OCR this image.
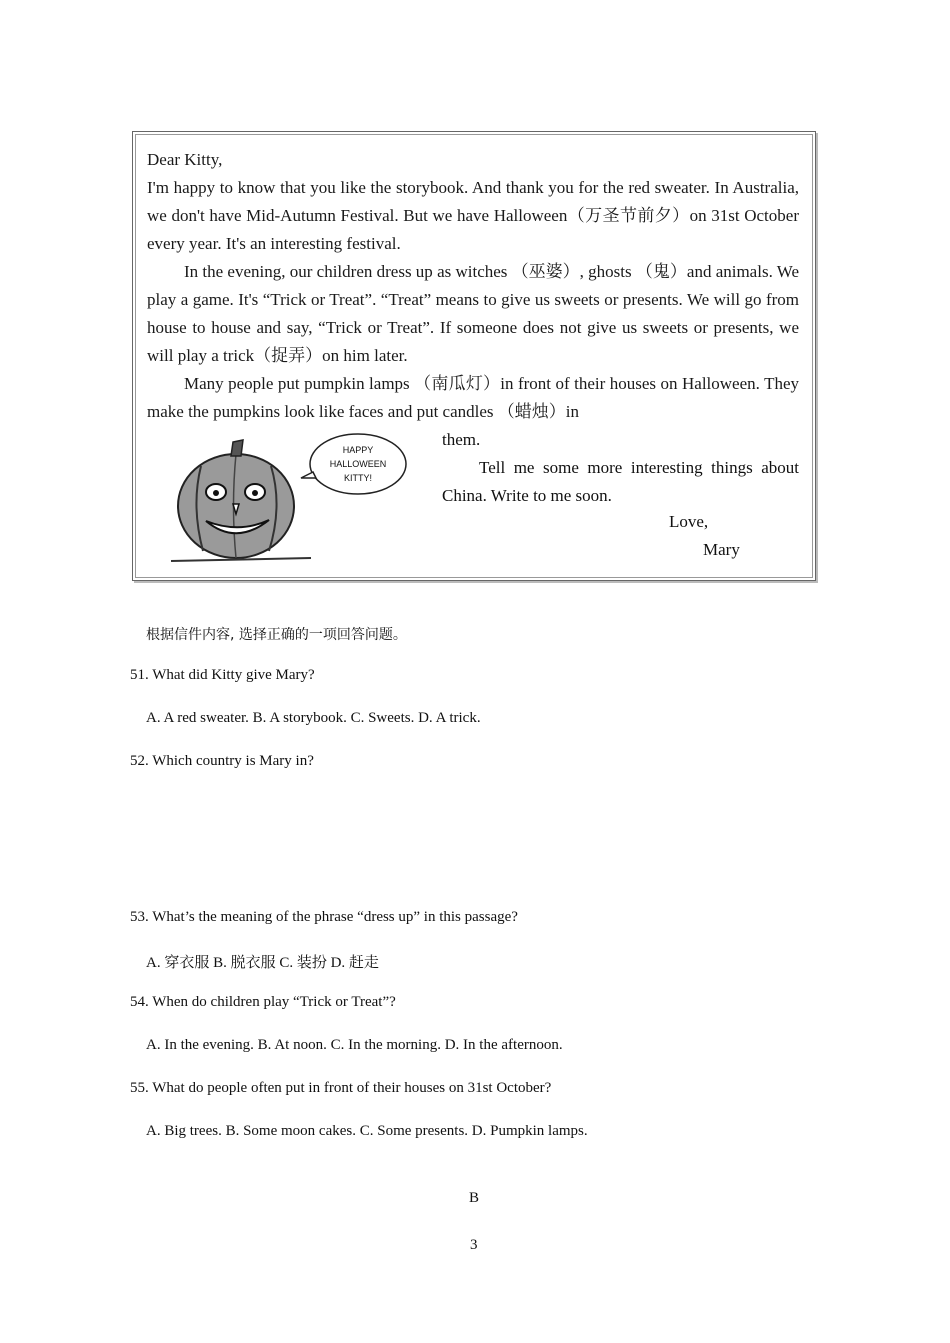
Dear Kitty,

I'm happy to know that you like the storybook. And thank you for the red sweater. In Australia, we don't have Mid-Autumn Festival. But we have Halloween（万圣节前夕）on 31st October every year. It's an interesting festival.

In the evening, our children dress up as witches （巫婆）, ghosts （鬼）and animals. We play a game. It's “Trick or Treat”. “Treat” means to give us sweets or presents. We will go from house to house and say, “Trick or Treat”. If someone does not give us sweets or presents, we will play a trick（捉弄）on him later.

Many people put pumpkin lamps （南瓜灯）in front of their houses on Halloween. They make the pumpkins look like faces and put candles （蜡烛）in

HAPPY
HALLOWEEN
KITTY!

them.

Tell me some more interesting things about China. Write to me soon.

Love,
Mary
根据信件内容, 选择正确的一项回答问题。
51. What did Kitty give Mary?
A. A red sweater. B. A storybook. C. Sweets. D. A trick.
52. Which country is Mary in?
53. What’s the meaning of the phrase “dress up” in this passage?
A. 穿衣服 B. 脱衣服 C. 装扮 D. 赶走
54. When do children play “Trick or Treat”?
A. In the evening. B. At noon. C. In the morning. D. In the afternoon.
55. What do people often put in front of their houses on 31st October?
A. Big trees. B. Some moon cakes. C. Some presents. D. Pumpkin lamps.
B
3
